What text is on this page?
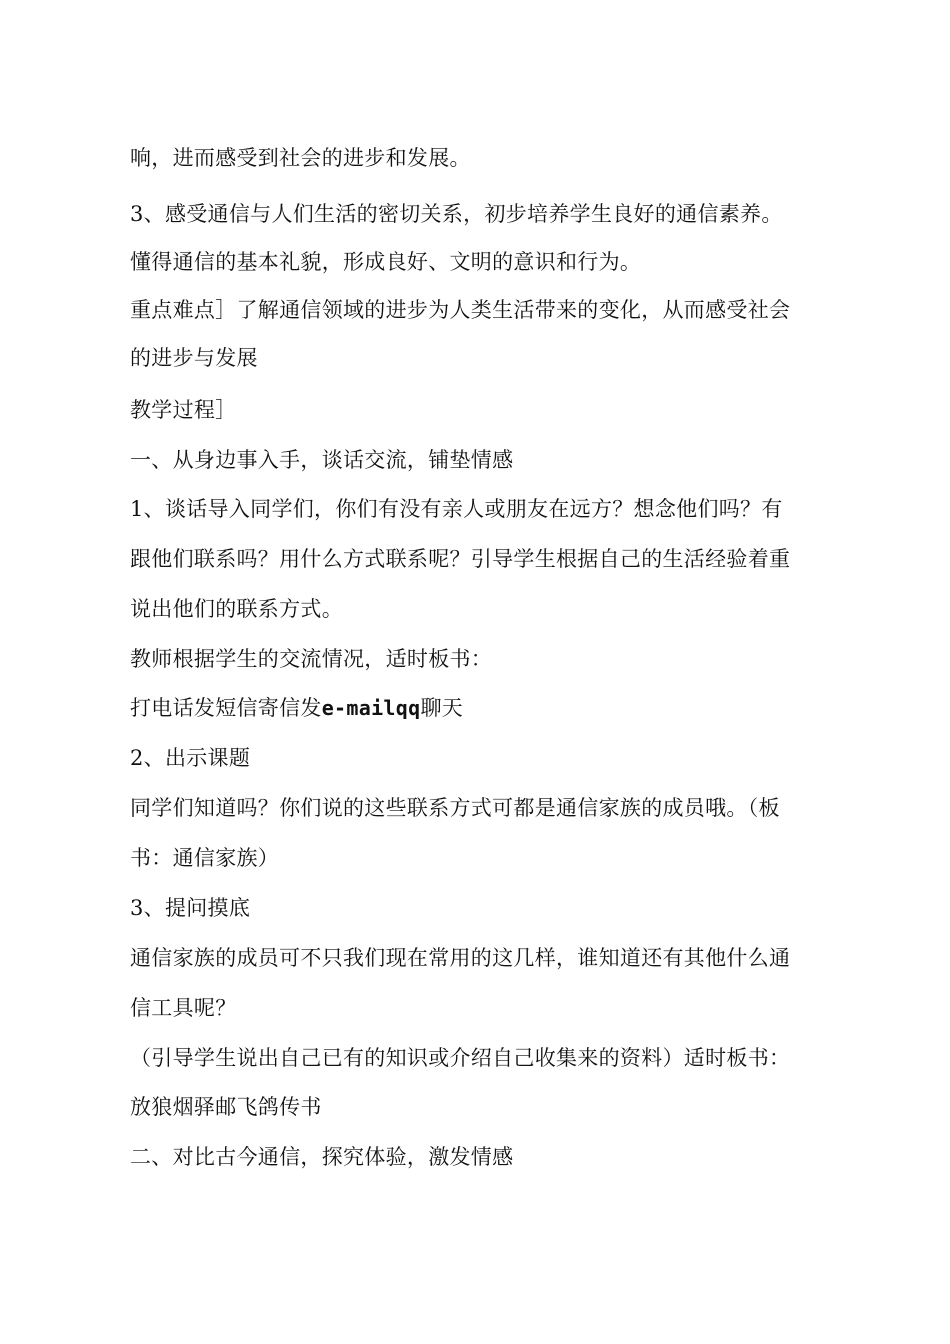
响，进而感受到社会的进步和发展。
3、感受通信与人们生活的密切关系，初步培养学生良好的通信素养。
懂得通信的基本礼貌，形成良好、文明的意识和行为。
重点难点］了解通信领域的进步为人类生活带来的变化，从而感受社会
的进步与发展
教学过程］
一、从身边事入手，谈话交流，铺垫情感
1、谈话导入同学们，你们有没有亲人或朋友在远方？想念他们吗？有
跟他们联系吗？用什么方式联系呢？引导学生根据自己的生活经验着重
说出他们的联系方式。
教师根据学生的交流情况，适时板书：
打电话发短信寄信发e-mailqq聊天
2、出示课题
同学们知道吗？你们说的这些联系方式可都是通信家族的成员哦。（板
书：通信家族）
3、提问摸底
通信家族的成员可不只我们现在常用的这几样，谁知道还有其他什么通
信工具呢？
（引导学生说出自己已有的知识或介绍自己收集来的资料）适时板书：
放狼烟驿邮飞鸽传书
二、对比古今通信，探究体验，激发情感
